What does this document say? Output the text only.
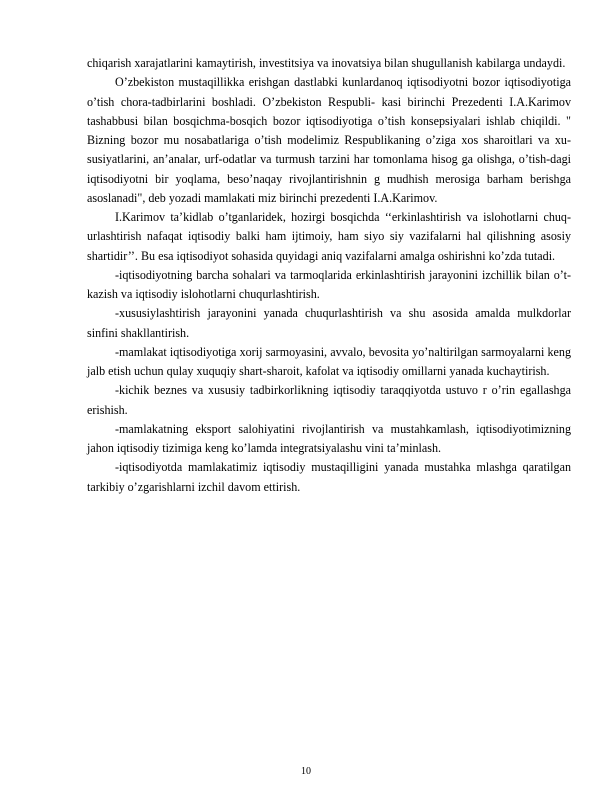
chiqarish xarajatlarini kamaytirish, investitsiya va inovatsiya bilan shugullanish kabilarga undaydi.

O’zbekiston mustaqillikka erishgan dastlabki kunlardanoq iqtisodiyotni bozor iqtisodiyotiga o’tish chora-tadbirlarini boshladi. O’zbekiston Respubli- kasi birinchi Prezedenti I.A.Karimov tashabbusi bilan bosqichma-bosqich bozor iqtisodiyotiga o’tish konsepsiyalari ishlab chiqildi. " Bizning bozor mu nosabatlariga o’tish modelimiz Respublikaning o’ziga xos sharoitlari va xu-susiyatlarini, an’analar, urf-odatlar va turmush tarzini har tomonlama hisog ga olishga, o’tish-dagi iqtisodiyotni bir yoqlama, beso’naqay rivojlantirishnin g mudhish merosiga barham berishga asoslanadi", deb yozadi mamlakati miz birinchi prezedenti I.A.Karimov.

I.Karimov ta’kidlab o’tganlaridek, hozirgi bosqichda ‘‘erkinlashtirish va islohotlarni chuq-urlashtirish nafaqat iqtisodiy balki ham ijtimoiy, ham siyo siy vazifalarni hal qilishning asosiy shartidir’’. Bu esa iqtisodiyot sohasida quyidagi aniq vazifalarni amalga oshirishni ko’zda tutadi.

-iqtisodiyotning barcha sohalari va tarmoqlarida erkinlashtirish jarayonini izchillik bilan o’t-kazish va iqtisodiy islohotlarni chuqurlashtirish.

-xususiylashtirish jarayonini yanada chuqurlashtirish va shu asosida amalda mulkdorlar sinfini shakllantirish.

-mamlakat iqtisodiyotiga xorij sarmoyasini, avvalo, bevosita yo’naltirilgan sarmoyalarni keng jalb etish uchun qulay xuquqiy shart-sharoit, kafolat va iqtisodiy omillarni yanada kuchaytirish.

-kichik beznes va xususiy tadbirkorlikning iqtisodiy taraqqiyotda ustuvo r o’rin egallashga erishish.

-mamlakatning eksport salohiyatini rivojlantirish va mustahkamlash, iqtisodiyotimizning jahon iqtisodiy tizimiga keng ko’lamda integratsiyalashu vini ta’minlash.

-iqtisodiyotda mamlakatimiz iqtisodiy mustaqilligini yanada mustahka mlashga qaratilgan tarkibiy o’zgarishlarni izchil davom ettirish.

10
